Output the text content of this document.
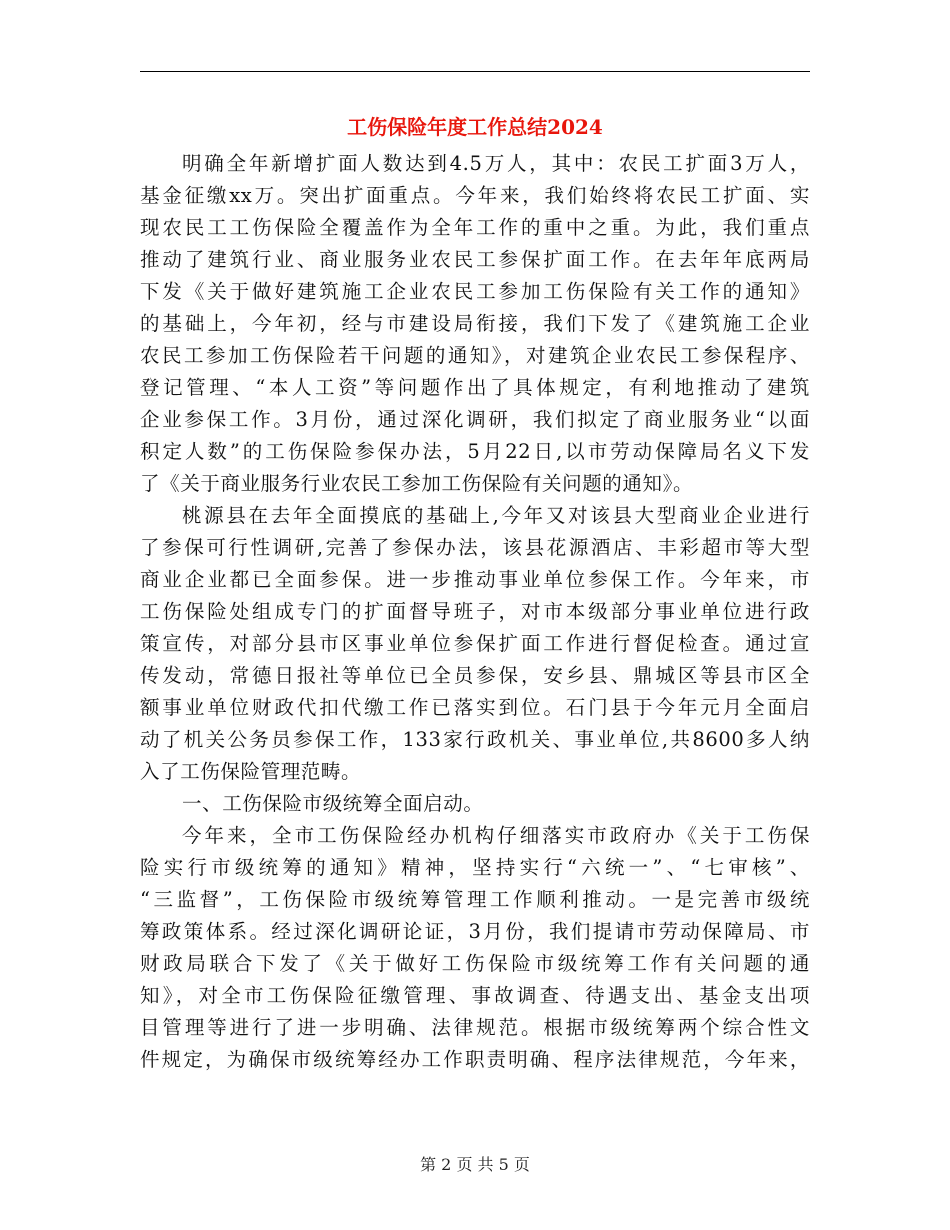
工伤保险年度工作总结2024
明确全年新增扩面人数达到4.5万人，其中：农民工扩面3万人，
基金征缴xx万。突出扩面重点。今年来，我们始终将农民工扩面、实
现农民工工伤保险全覆盖作为全年工作的重中之重。为此，我们重点
推动了建筑行业、商业服务业农民工参保扩面工作。在去年年底两局
下发《关于做好建筑施工企业农民工参加工伤保险有关工作的通知》
的基础上，今年初，经与市建设局衔接，我们下发了《建筑施工企业
农民工参加工伤保险若干问题的通知》，对建筑企业农民工参保程序、
登记管理、“本人工资”等问题作出了具体规定，有利地推动了建筑
企业参保工作。3月份，通过深化调研，我们拟定了商业服务业“以面
积定人数”的工伤保险参保办法，5月22日,以市劳动保障局名义下发
了《关于商业服务行业农民工参加工伤保险有关问题的通知》。
桃源县在去年全面摸底的基础上,今年又对该县大型商业企业进行
了参保可行性调研,完善了参保办法，该县花源酒店、丰彩超市等大型
商业企业都已全面参保。进一步推动事业单位参保工作。今年来，市
工伤保险处组成专门的扩面督导班子，对市本级部分事业单位进行政
策宣传，对部分县市区事业单位参保扩面工作进行督促检查。通过宣
传发动，常德日报社等单位已全员参保，安乡县、鼎城区等县市区全
额事业单位财政代扣代缴工作已落实到位。石门县于今年元月全面启
动了机关公务员参保工作，133家行政机关、事业单位,共8600多人纳
入了工伤保险管理范畴。
一、工伤保险市级统筹全面启动。
今年来，全市工伤保险经办机构仔细落实市政府办《关于工伤保
险实行市级统筹的通知》精神，坚持实行“六统一”、“七审核”、
“三监督”，工伤保险市级统筹管理工作顺利推动。一是完善市级统
筹政策体系。经过深化调研论证，3月份，我们提请市劳动保障局、市
财政局联合下发了《关于做好工伤保险市级统筹工作有关问题的通
知》，对全市工伤保险征缴管理、事故调查、待遇支出、基金支出项
目管理等进行了进一步明确、法律规范。根据市级统筹两个综合性文
件规定，为确保市级统筹经办工作职责明确、程序法律规范，今年来，
第 2 页 共 5 页
